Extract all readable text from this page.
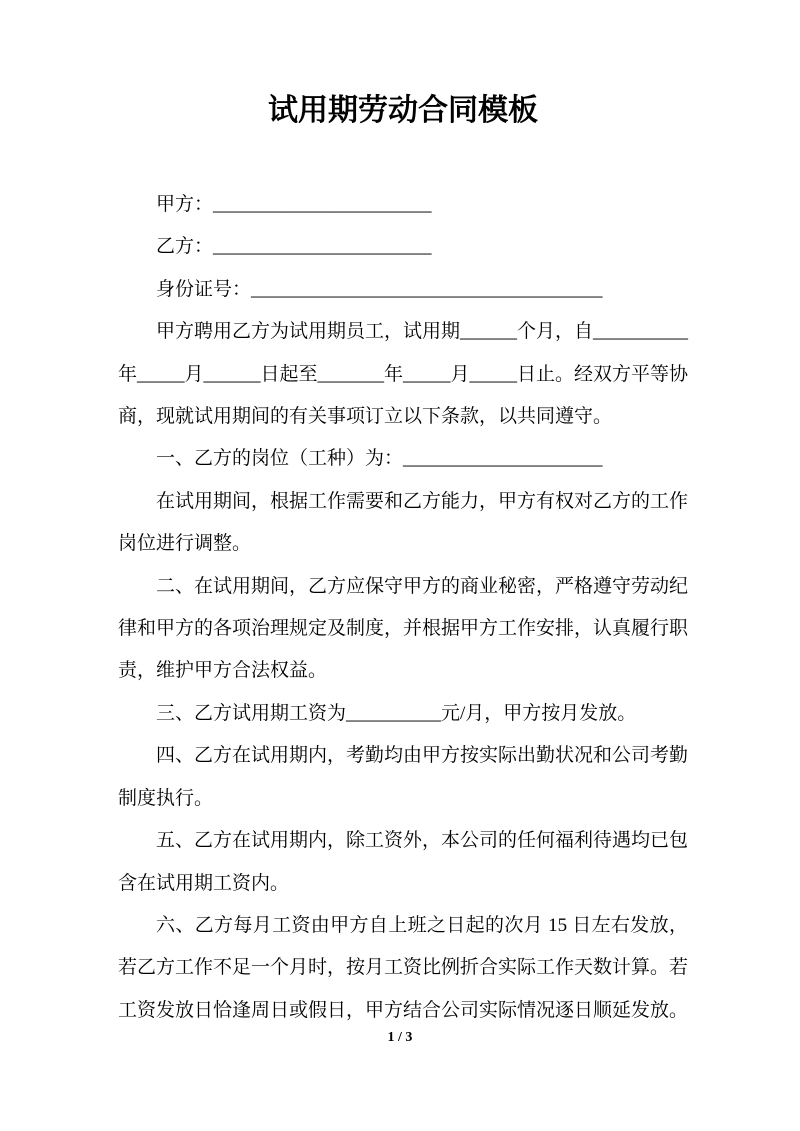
试用期劳动合同模板

甲方：_______________________

乙方：_______________________

身份证号：_____________________________________

甲方聘用乙方为试用期员工，试用期______个月，自__________年_____月______日起至_______年_____月_____日止。经双方平等协商，现就试用期间的有关事项订立以下条款，以共同遵守。

一、乙方的岗位（工种）为：_____________________

在试用期间，根据工作需要和乙方能力，甲方有权对乙方的工作岗位进行调整。

二、在试用期间，乙方应保守甲方的商业秘密，严格遵守劳动纪律和甲方的各项治理规定及制度，并根据甲方工作安排，认真履行职责，维护甲方合法权益。

三、乙方试用期工资为__________元/月，甲方按月发放。

四、乙方在试用期内，考勤均由甲方按实际出勤状况和公司考勤制度执行。

五、乙方在试用期内，除工资外，本公司的任何福利待遇均已包含在试用期工资内。

六、乙方每月工资由甲方自上班之日起的次月 15 日左右发放，若乙方工作不足一个月时，按月工资比例折合实际工作天数计算。若工资发放日恰逢周日或假日，甲方结合公司实际情况逐日顺延发放。

1 / 3
